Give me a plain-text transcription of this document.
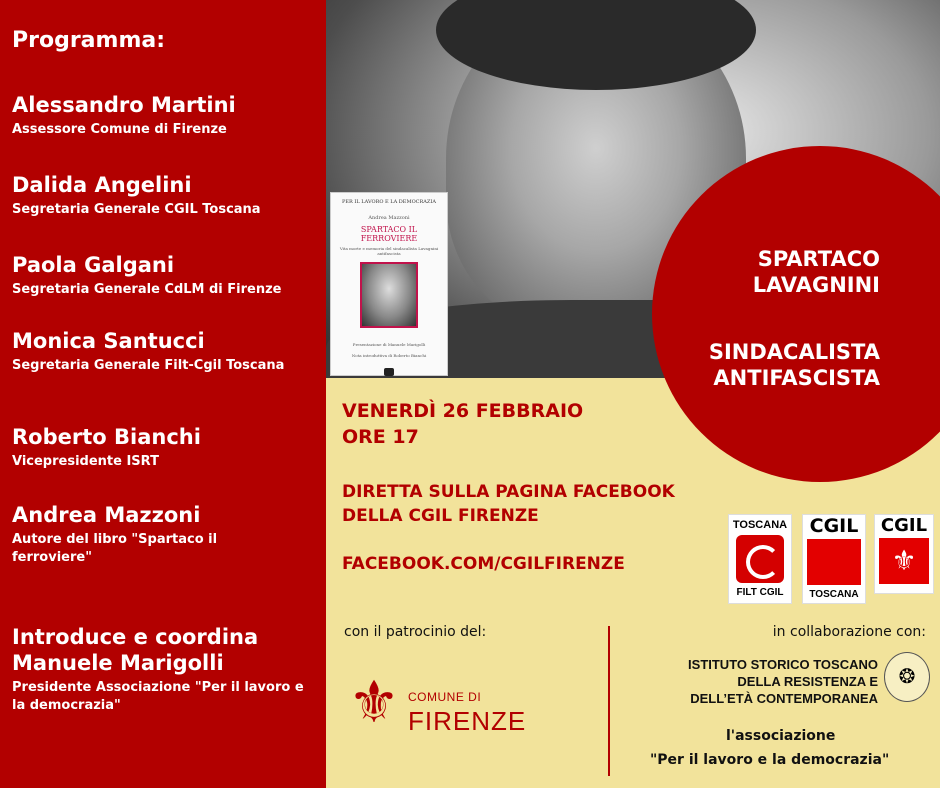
Programma:
Alessandro Martini
Assessore Comune di Firenze
Dalida Angelini
Segretaria Generale CGIL Toscana
Paola Galgani
Segretaria Generale CdLM di Firenze
Monica Santucci
Segretaria Generale Filt-Cgil Toscana
Roberto Bianchi
Vicepresidente ISRT
Andrea Mazzoni
Autore del libro "Spartaco il ferroviere"
Introduce e coordina
Manuele Marigolli
Presidente Associazione "Per il lavoro e la democrazia"
PER IL LAVORO E LA DEMOCRAZIA
Andrea Mazzoni
SPARTACO IL FERROVIERE
Vita morte e memoria del sindacalista Lavagnini antifascista
Presentazione di Manuele Marigolli
Nota introduttiva di Roberto Bianchi
SPARTACO LAVAGNINI
SINDACALISTA ANTIFASCISTA
VENERDÌ 26 FEBBRAIO
ORE 17
DIRETTA SULLA PAGINA FACEBOOK
DELLA CGIL FIRENZE
FACEBOOK.COM/CGILFIRENZE
TOSCANA
FILT CGIL
CGIL
TOSCANA
CGIL
⚜
con il patrocinio del:	in collaborazione con:
⚜ COMUNE DI
FIRENZE
ISTITUTO STORICO TOSCANO
DELLA RESISTENZA E
DELL’ETÀ CONTEMPORANEA
❂
l'associazione
"Per il lavoro e la democrazia"
